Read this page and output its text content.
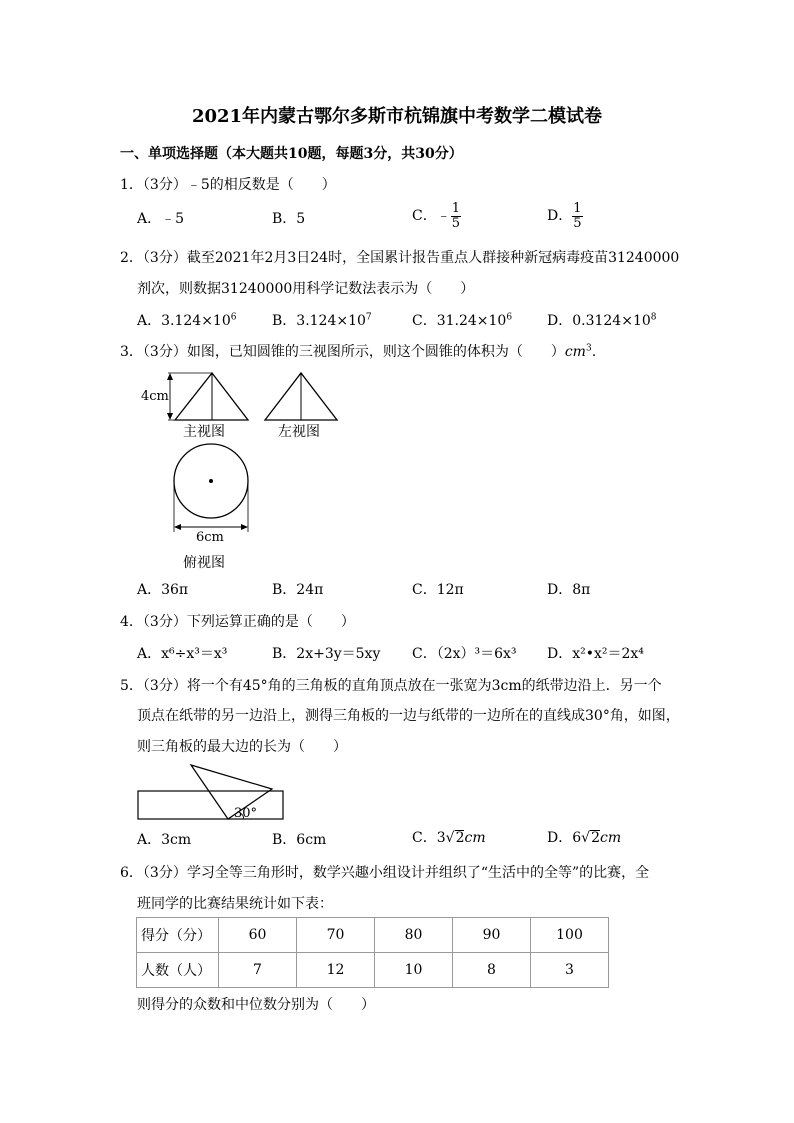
2021年内蒙古鄂尔多斯市杭锦旗中考数学二模试卷
一、单项选择题（本大题共10题，每题3分，共30分）
1．（3分）﹣5的相反数是（　　）
A．﹣5	B．5	C．﹣ $\frac{1}{5}$	D． $\frac{1}{5}$
2．（3分）截至2021年2月3日24时，全国累计报告重点人群接种新冠病毒疫苗31240000
剂次，则数据31240000用科学记数法表示为（　　）
A．$3.124\times 10^6$	B．$3.124\times 10^7$	C．$31.24\times 10^6$ D．$0.3124\times 10^8$
3．（3分）如图，已知圆锥的三视图所示，则这个圆锥的体积为（　　）$cm^3$.
4cm
主视图	左视图
6cm
俯视图
A．36π	B．24π	C．12π	D．8π
4．（3分）下列运算正确的是（　　）
A．x⁶÷x³＝x³	B．2x+3y＝5xy C．（2x）³＝6x³ D．x²•x²＝2x⁴
5．（3分）将一个有45°角的三角板的直角顶点放在一张宽为3cm的纸带边沿上．另一个
顶点在纸带的另一边沿上，测得三角板的一边与纸带的一边所在的直线成30°角，如图，
则三角板的最大边的长为（　　）
30°
A．3cm	B．6cm	C．3√2cm	D．6√2cm
6．（3分）学习全等三角形时，数学兴趣小组设计并组织了“生活中的全等”的比赛，全
班同学的比赛结果统计如下表：
得分（分）	60	70	80	90	100
人数（人）	7	12	10	8	3
则得分的众数和中位数分别为（　　）
